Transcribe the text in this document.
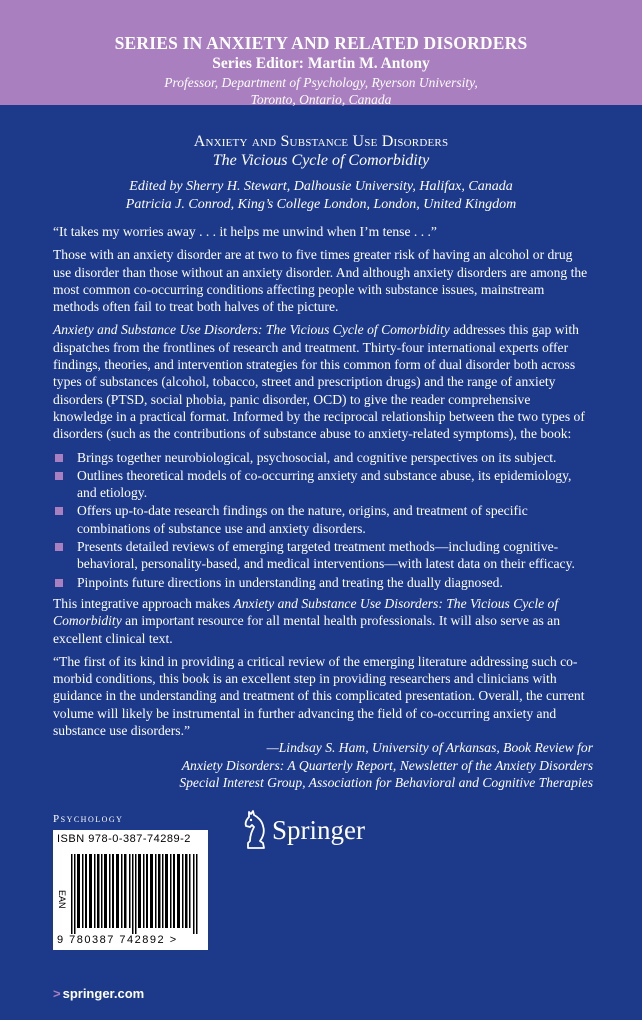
SERIES IN ANXIETY AND RELATED DISORDERS
Series Editor: Martin M. Antony
Professor, Department of Psychology, Ryerson University,
Toronto, Ontario, Canada
Anxiety and Substance Use Disorders
The Vicious Cycle of Comorbidity
Edited by Sherry H. Stewart, Dalhousie University, Halifax, Canada
Patricia J. Conrod, King’s College London, London, United Kingdom

“It takes my worries away . . . it helps me unwind when I’m tense . . .”

Those with an anxiety disorder are at two to five times greater risk of having an alcohol or drug use disorder than those without an anxiety disorder. And although anxiety disorders are among the most common co-occurring conditions affecting people with substance issues, mainstream methods often fail to treat both halves of the picture.

Anxiety and Substance Use Disorders: The Vicious Cycle of Comorbidity addresses this gap with dispatches from the frontlines of research and treatment. Thirty-four international experts offer findings, theories, and intervention strategies for this common form of dual disorder both across types of substances (alcohol, tobacco, street and prescription drugs) and the range of anxiety disorders (PTSD, social phobia, panic disorder, OCD) to give the reader comprehensive knowledge in a practical format. Informed by the reciprocal relationship between the two types of disorders (such as the contributions of substance abuse to anxiety-related symptoms), the book:

Brings together neurobiological, psychosocial, and cognitive perspectives on its subject.
Outlines theoretical models of co-occurring anxiety and substance abuse, its epidemiology, and etiology.
Offers up-to-date research findings on the nature, origins, and treatment of specific combinations of substance use and anxiety disorders.
Presents detailed reviews of emerging targeted treatment methods—including cognitive-behavioral, personality-based, and medical interventions—with latest data on their efficacy.
Pinpoints future directions in understanding and treating the dually diagnosed.

This integrative approach makes Anxiety and Substance Use Disorders: The Vicious Cycle of Comorbidity an important resource for all mental health professionals. It will also serve as an excellent clinical text.

“The first of its kind in providing a critical review of the emerging literature addressing such co-morbid conditions, this book is an excellent step in providing researchers and clinicians with guidance in the understanding and treatment of this complicated presentation. Overall, the current volume will likely be instrumental in further advancing the field of co-occurring anxiety and substance use disorders.”

—Lindsay S. Ham, University of Arkansas, Book Review for
Anxiety Disorders: A Quarterly Report, Newsletter of the Anxiety Disorders
Special Interest Group, Association for Behavioral and Cognitive Therapies
Psychology
ISBN 978-0-387-74289-2
EAN
9 780387 742892 >
Springer
> springer.com
